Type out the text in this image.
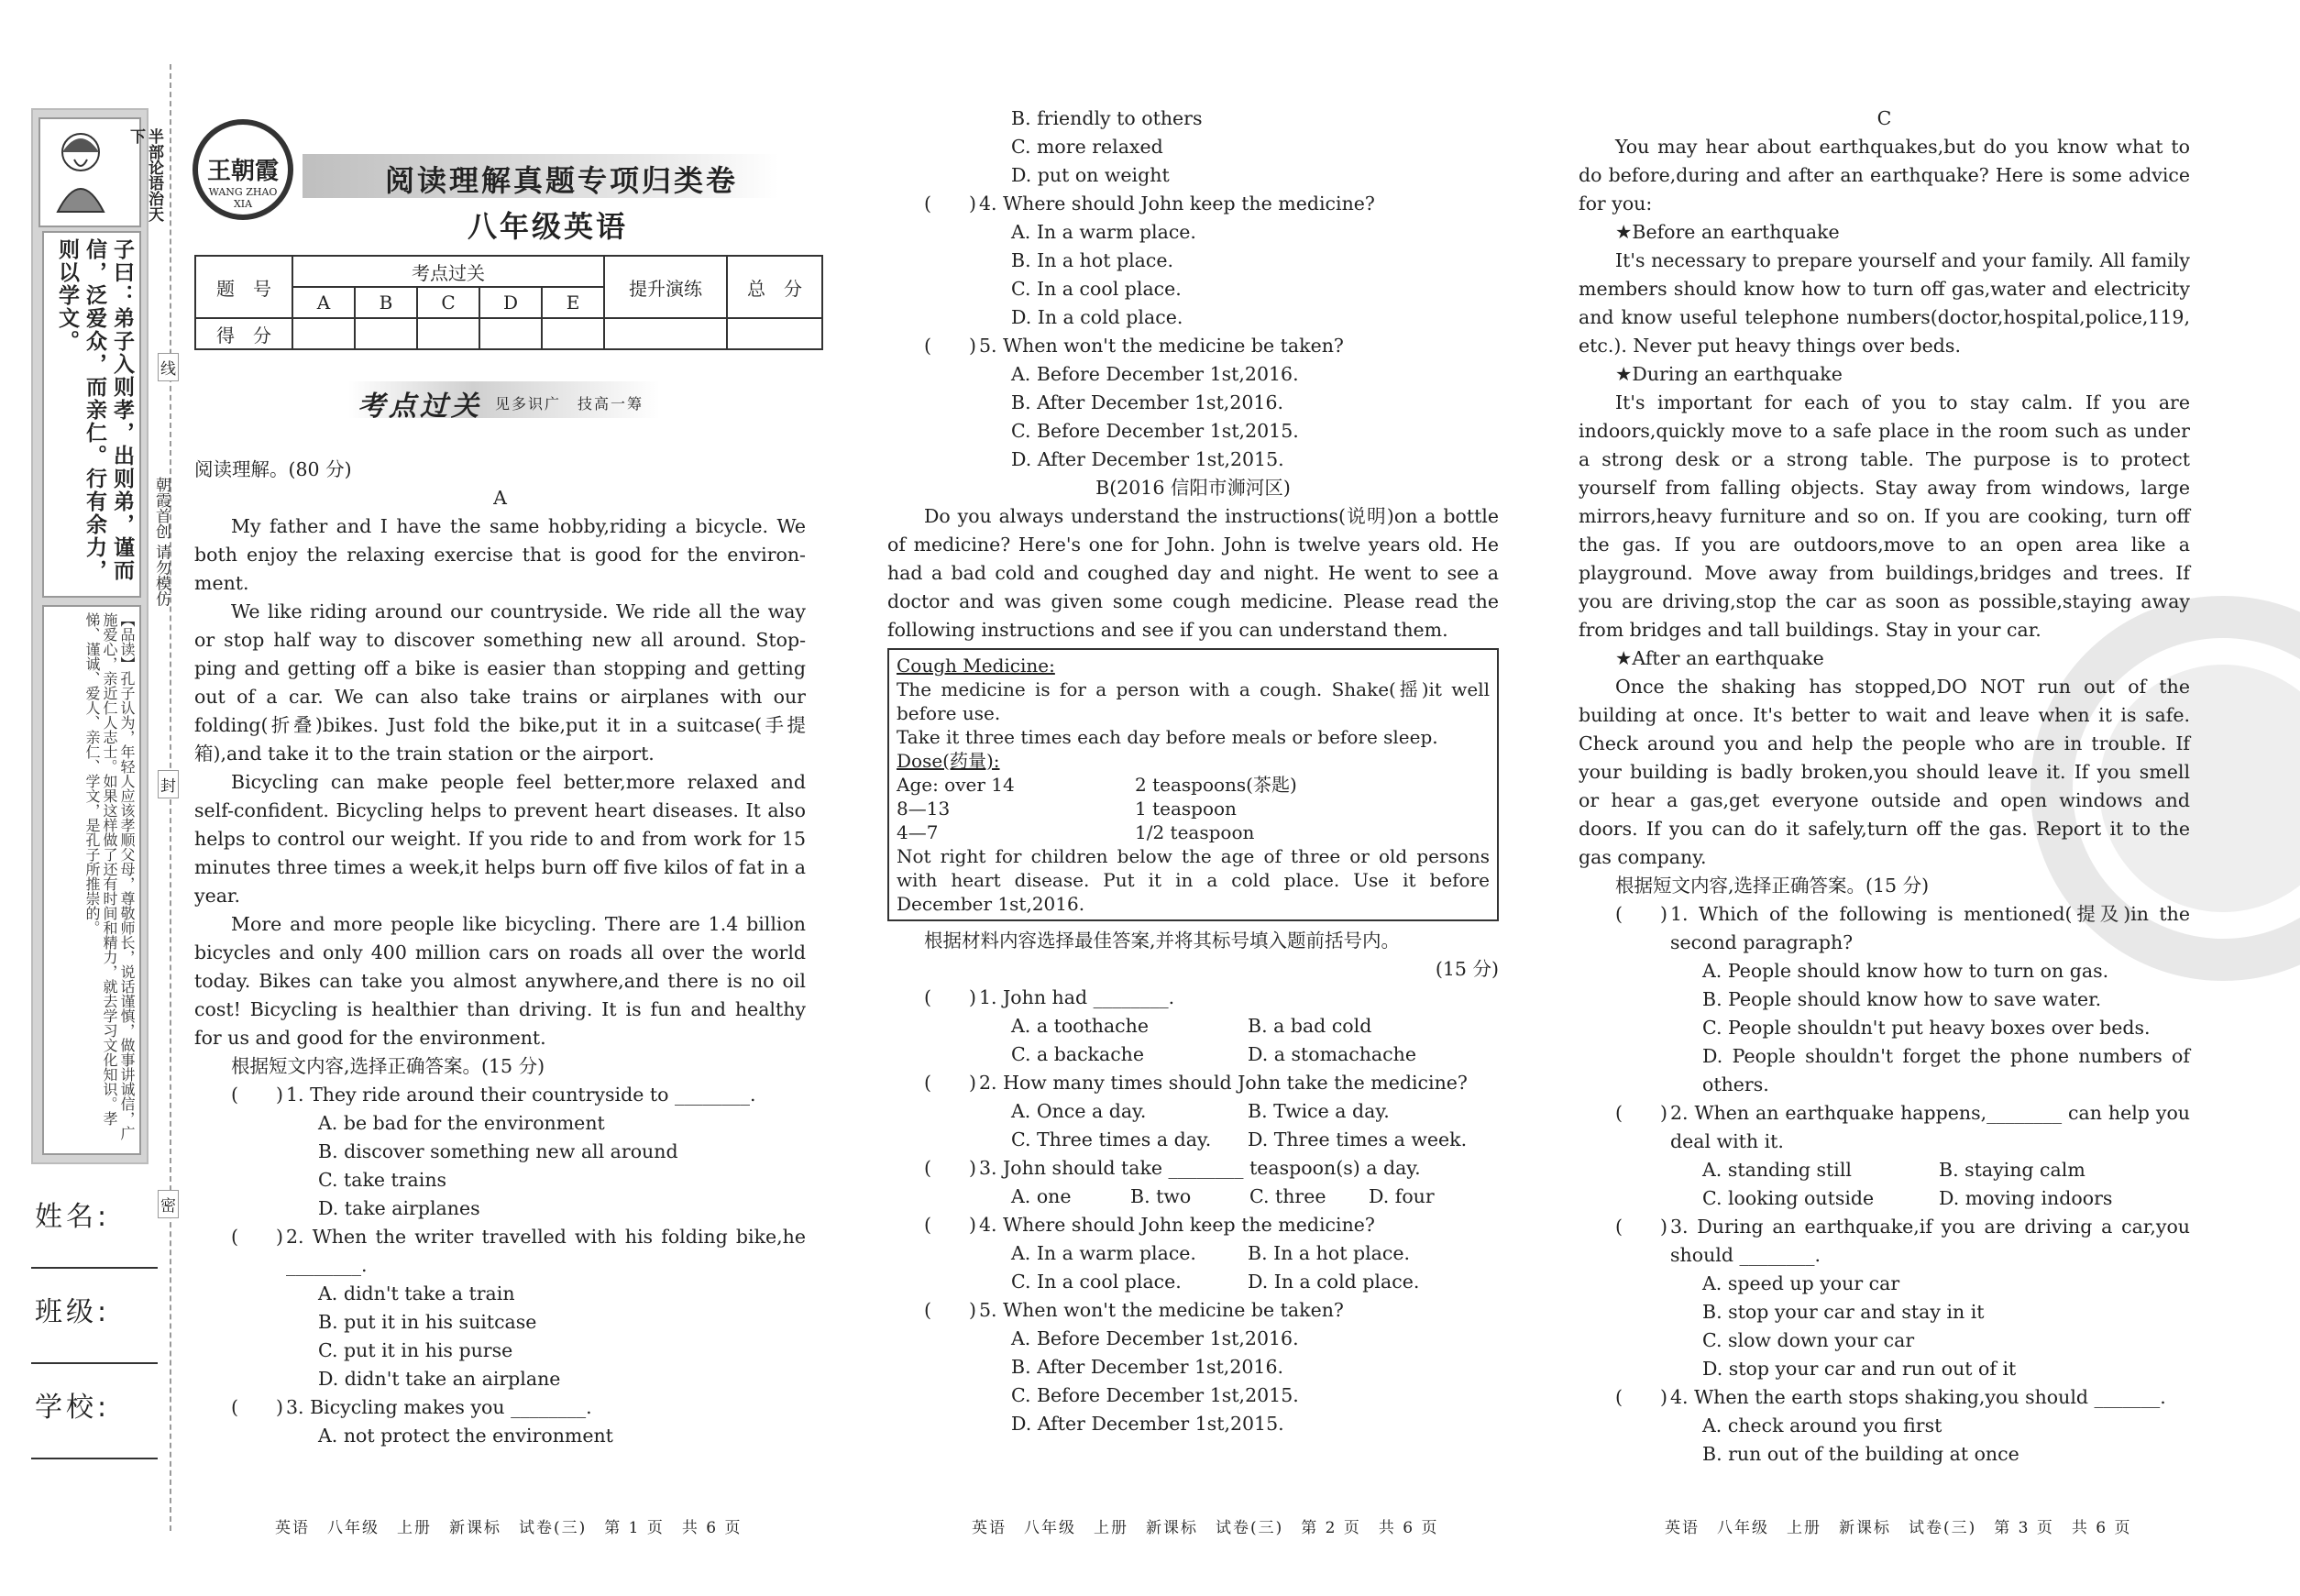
半部论语治天下
子曰：弟子入则孝，出则弟，谨而信，泛爱众，而亲仁。行有余力，则以学文。
【品读】孔子认为，年轻人应该孝顺父母，尊敬师长，说话谨慎，做事讲诚信，广施爱心，亲近仁人志士。如果这样做了还有时间和精力，就去学习文化知识。孝悌、谨诚、爱人、亲仁、学文，是孔子所推崇的。
姓名:
班级:
学校:
线
封
密
朝霞首创 请勿模仿
王朝霞
WANG ZHAO XIA
阅读理解真题专项归类卷
八年级英语
题　号	考点过关					提升演练	总　分
	A	B	C	D	E		
得　分							
考点过关 见多识广　技高一筹

阅读理解。(80 分)

A

My father and I have the same hobby,riding a bicycle. We both enjoy the relaxing exercise that is good for the environ-ment.

We like riding around our countryside. We ride all the way or stop half way to discover something new all around. Stop-ping and getting off a bike is easier than stopping and getting out of a car. We can also take trains or airplanes with our folding(折叠)bikes. Just fold the bike,put it in a suitcase(手提箱),and take it to the train station or the airport.

Bicycling can make people feel better,more relaxed and self-confident. Bicycling helps to prevent heart diseases. It also helps to control our weight. If you ride to and from work for 15 minutes three times a week,it helps burn off five kilos of fat in a year.

More and more people like bicycling. There are 1.4 billion bicycles and only 400 million cars on roads all over the world today. Bikes can take you almost anywhere,and there is no oil cost! Bicycling is healthier than driving. It is fun and healthy for us and good for the environment.

根据短文内容,选择正确答案。(15 分)

(　　) 1. They ride around their countryside to ________.

A. be bad for the environment

B. discover something new all around

C. take trains

D. take airplanes

(　　) 2. When the writer travelled with his folding bike,he ________.

A. didn't take a train

B. put it in his suitcase

C. put it in his purse

D. didn't take an airplane

(　　) 3. Bicycling makes you ________.

A. not protect the environment

英语　八年级　上册　新课标　试卷(三)　第 1 页　共 6 页

B. friendly to others

C. more relaxed

D. put on weight

(　　) 4. Where should John keep the medicine?

A. In a warm place.

B. In a hot place.

C. In a cool place.

D. In a cold place.

(　　) 5. When won't the medicine be taken?

A. Before December 1st,2016.

B. After December 1st,2016.

C. Before December 1st,2015.

D. After December 1st,2015.

B(2016 信阳市浉河区)

Do you always understand the instructions(说明)on a bottle of medicine? Here's one for John. John is twelve years old. He had a bad cold and coughed day and night. He went to see a doctor and was given some cough medicine. Please read the following instructions and see if you can understand them.

Cough Medicine:
The medicine is for a person with a cough. Shake(摇)it well before use.
Take it three times each day before meals or before sleep.
Dose(药量):
Age: over 14	2 teaspoons(茶匙)
8—13	1 teaspoon
4—7	1/2 teaspoon
Not right for children below the age of three or old persons with heart disease. Put it in a cold place. Use it before December 1st,2016.

根据材料内容选择最佳答案,并将其标号填入题前括号内。

(15 分)

(　　) 1. John had ________.

A. a toothache	B. a bad cold
C. a backache	D. a stomachache

(　　) 2. How many times should John take the medicine?

A. Once a day.	B. Twice a day.
C. Three times a day.	D. Three times a week.

(　　) 3. John should take ________ teaspoon(s) a day.

A. one	B. two	C. three	D. four

(　　) 4. Where should John keep the medicine?

A. In a warm place.	B. In a hot place.
C. In a cool place.	D. In a cold place.

(　　) 5. When won't the medicine be taken?

A. Before December 1st,2016.

B. After December 1st,2016.

C. Before December 1st,2015.

D. After December 1st,2015.

英语　八年级　上册　新课标　试卷(三)　第 2 页　共 6 页

C

You may hear about earthquakes,but do you know what to do before,during and after an earthquake? Here is some advice for you:

★Before an earthquake

It's necessary to prepare yourself and your family. All family members should know how to turn off gas,water and electricity and know useful telephone numbers(doctor,hospital,police,119, etc.). Never put heavy things over beds.

★During an earthquake

It's important for each of you to stay calm. If you are indoors,quickly move to a safe place in the room such as under a strong desk or a strong table. The purpose is to protect yourself from falling objects. Stay away from windows, large mirrors,heavy furniture and so on. If you are cooking, turn off the gas. If you are outdoors,move to an open area like a playground. Move away from buildings,bridges and trees. If you are driving,stop the car as soon as possible,staying away from bridges and tall buildings. Stay in your car.

★After an earthquake

Once the shaking has stopped,DO NOT run out of the building at once. It's better to wait and leave when it is safe. Check around you and help the people who are in trouble. If your building is badly broken,you should leave it. If you smell or hear a gas,get everyone outside and open windows and doors. If you can do it safely,turn off the gas. Report it to the gas company.

根据短文内容,选择正确答案。(15 分)

(　　) 1. Which of the following is mentioned(提及)in the second paragraph?

A. People should know how to turn on gas.

B. People should know how to save water.

C. People shouldn't put heavy boxes over beds.

D. People shouldn't forget the phone numbers of others.

(　　) 2. When an earthquake happens,________ can help you deal with it.

A. standing still	B. staying calm
C. looking outside	D. moving indoors

(　　) 3. During an earthquake,if you are driving a car,you should ________.

A. speed up your car

B. stop your car and stay in it

C. slow down your car

D. stop your car and run out of it

(　　) 4. When the earth stops shaking,you should _______.

A. check around you first

B. run out of the building at once

英语　八年级　上册　新课标　试卷(三)　第 3 页　共 6 页
